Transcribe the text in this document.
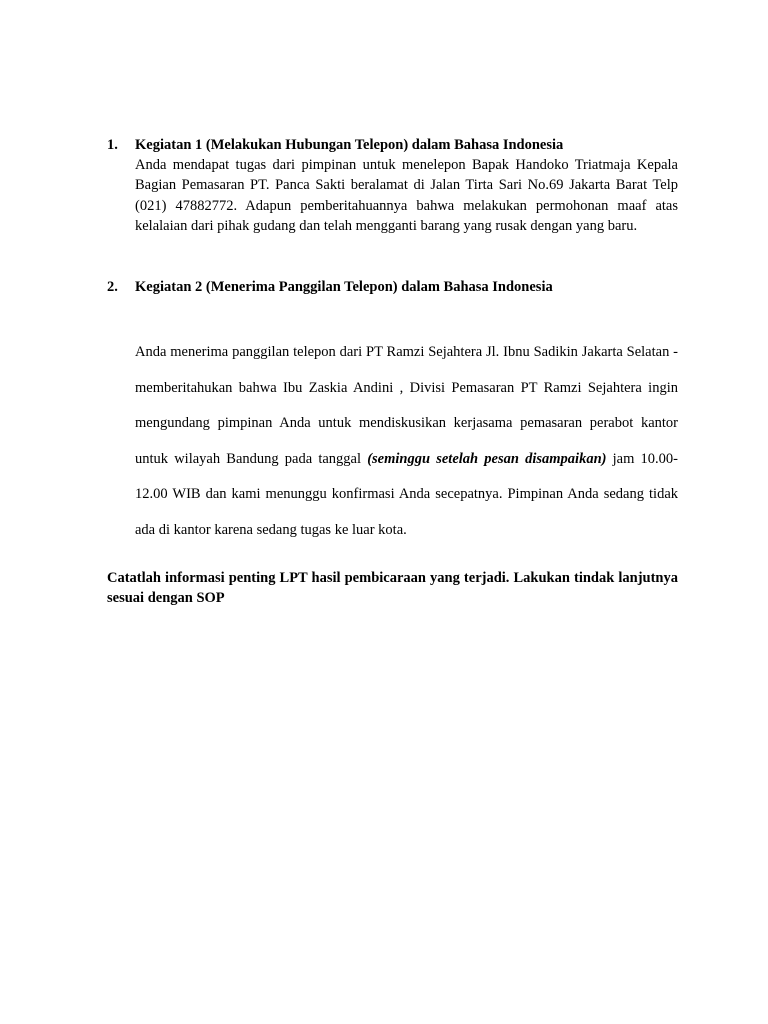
1.	Kegiatan 1 (Melakukan Hubungan Telepon) dalam Bahasa Indonesia

Anda mendapat tugas dari pimpinan untuk menelepon Bapak Handoko Triatmaja Kepala Bagian Pemasaran PT. Panca Sakti beralamat di Jalan Tirta Sari No.69 Jakarta Barat Telp (021) 47882772. Adapun pemberitahuannya bahwa melakukan permohonan maaf atas kelalaian dari pihak gudang dan telah mengganti barang yang rusak dengan yang baru.

2.	Kegiatan 2 (Menerima Panggilan Telepon) dalam Bahasa Indonesia

Anda menerima panggilan telepon dari PT Ramzi Sejahtera Jl. Ibnu Sadikin Jakarta Selatan - memberitahukan bahwa Ibu Zaskia Andini , Divisi Pemasaran PT Ramzi Sejahtera ingin mengundang pimpinan Anda untuk mendiskusikan kerjasama pemasaran perabot kantor untuk wilayah Bandung pada tanggal (seminggu setelah pesan disampaikan) jam 10.00-12.00 WIB dan kami menunggu konfirmasi Anda secepatnya. Pimpinan Anda sedang tidak ada di kantor karena sedang tugas ke luar kota.

Catatlah informasi penting LPT hasil pembicaraan yang terjadi. Lakukan tindak lanjutnya sesuai dengan SOP
